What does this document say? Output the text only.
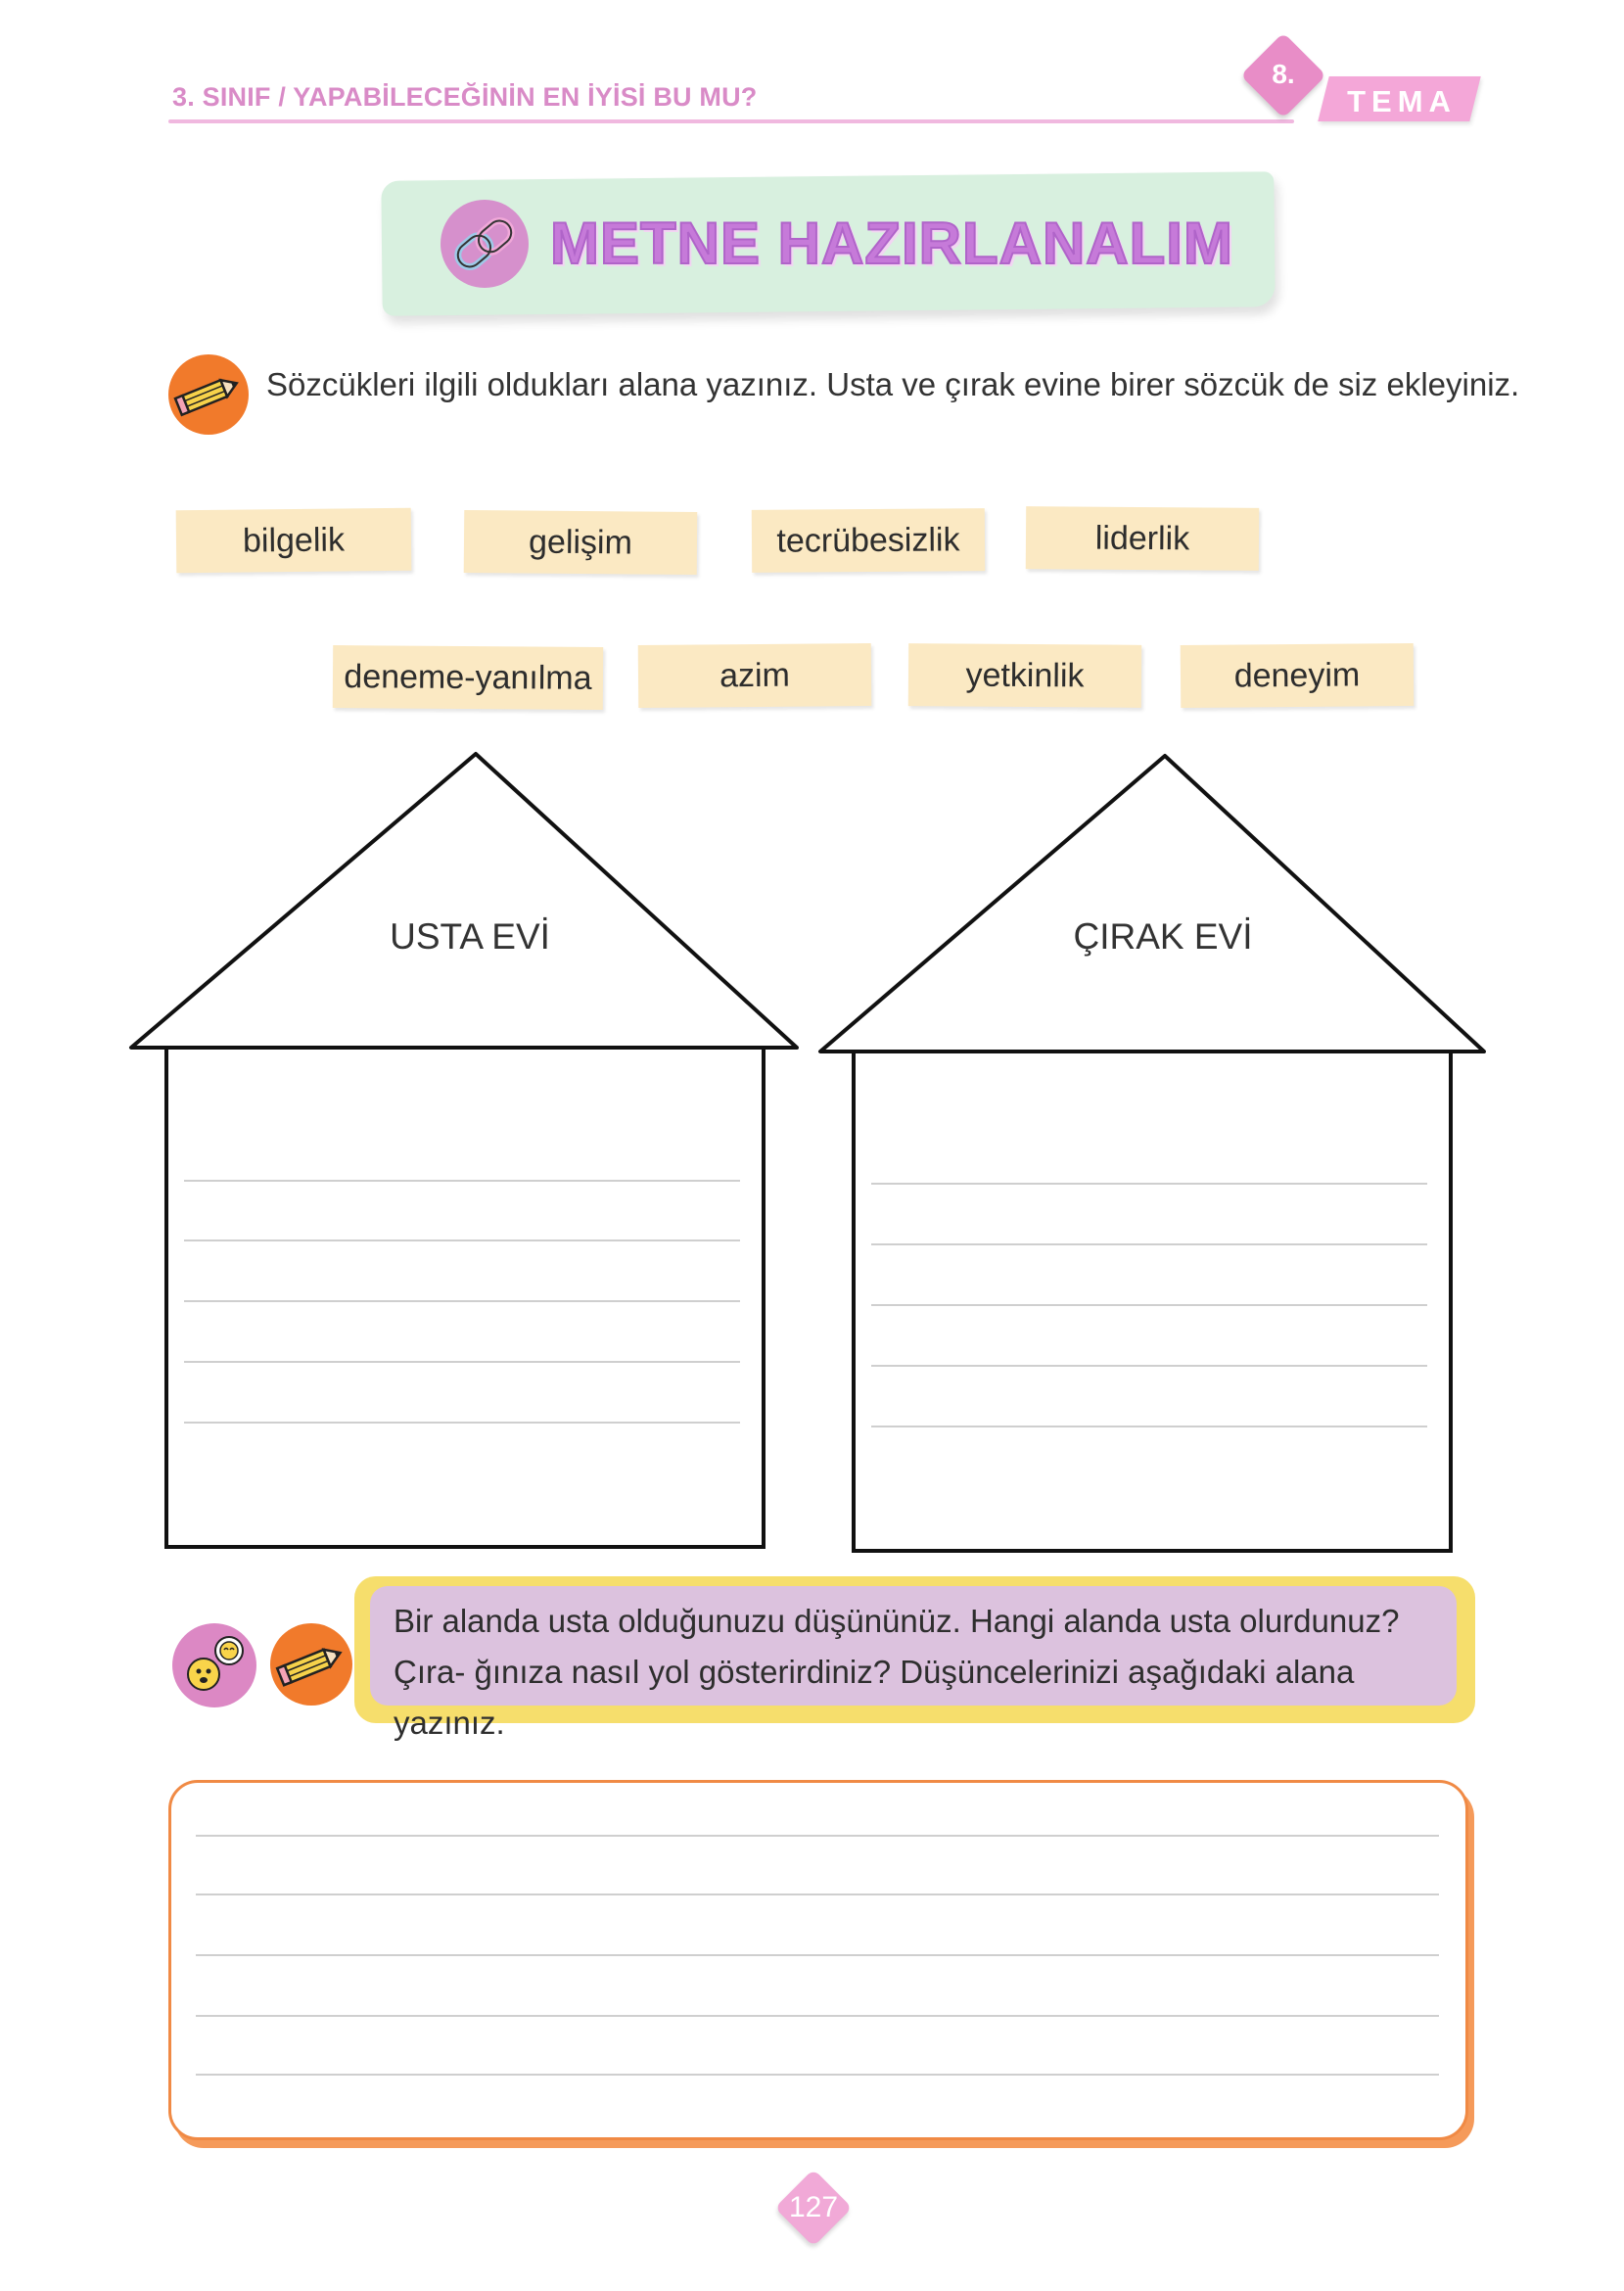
3. SINIF / YAPABİLECEĞİNİN EN İYİSİ BU MU?	TEMA
8.
METNE HAZIRLANALIM
Sözcükleri ilgili oldukları alana yazınız. Usta ve çırak evine birer sözcük de siz ekleyiniz.
bilgelik	gelişim	tecrübesizlik	liderlik
deneme-yanılma	azim	yetkinlik	deneyim
USTA EVİ	ÇIRAK EVİ
Bir alanda usta olduğunuzu düşününüz. Hangi alanda usta olurdunuz? Çıra- ğınıza nasıl yol gösterirdiniz? Düşüncelerinizi aşağıdaki alana yazınız.
127
